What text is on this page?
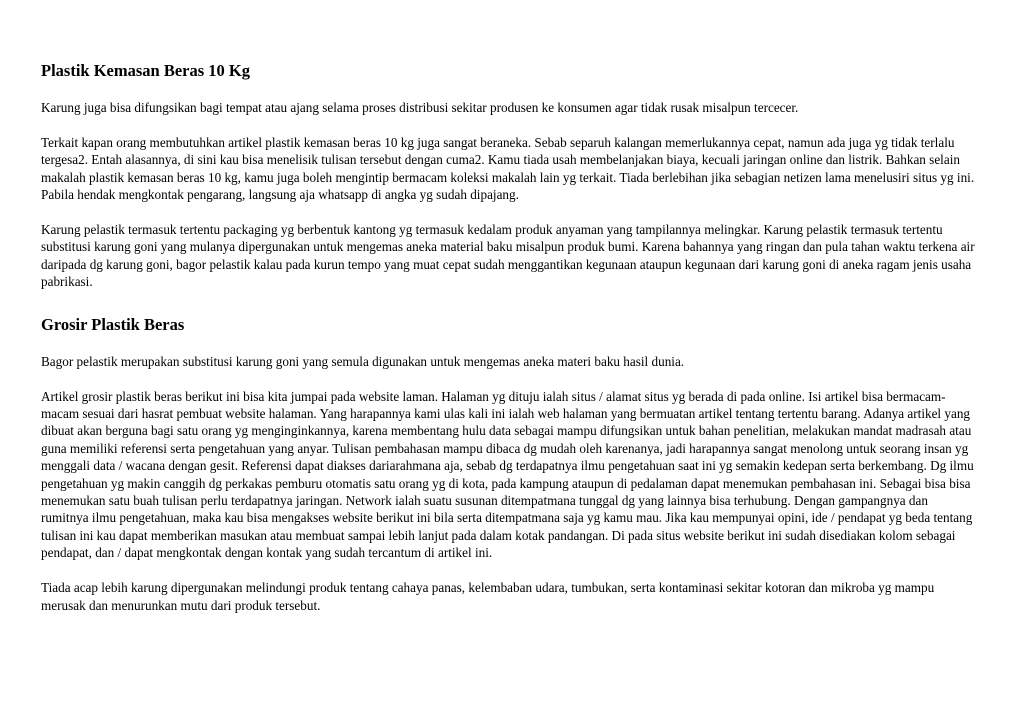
Plastik Kemasan Beras 10 Kg

Karung juga bisa difungsikan bagi tempat atau ajang selama proses distribusi sekitar produsen ke konsumen agar tidak rusak misalpun tercecer.

Terkait kapan orang membutuhkan artikel plastik kemasan beras 10 kg juga sangat beraneka. Sebab separuh kalangan memerlukannya cepat, namun ada juga yg tidak terlalu tergesa2. Entah alasannya, di sini kau bisa menelisik tulisan tersebut dengan cuma2. Kamu tiada usah membelanjakan biaya, kecuali jaringan online dan listrik. Bahkan selain makalah plastik kemasan beras 10 kg, kamu juga boleh mengintip bermacam koleksi makalah lain yg terkait. Tiada berlebihan jika sebagian netizen lama menelusiri situs yg ini. Pabila hendak mengkontak pengarang, langsung aja whatsapp di angka yg sudah dipajang.

Karung pelastik termasuk tertentu packaging yg berbentuk kantong yg termasuk kedalam produk anyaman yang tampilannya melingkar. Karung pelastik termasuk tertentu substitusi karung goni yang mulanya dipergunakan untuk mengemas aneka material baku misalpun produk bumi. Karena bahannya yang ringan dan pula tahan waktu terkena air daripada dg karung goni, bagor pelastik kalau pada kurun tempo yang muat cepat sudah menggantikan kegunaan ataupun kegunaan dari karung goni di aneka ragam jenis usaha pabrikasi.

Grosir Plastik Beras

Bagor pelastik merupakan substitusi karung goni yang semula digunakan untuk mengemas aneka materi baku hasil dunia.

Artikel grosir plastik beras berikut ini bisa kita jumpai pada website laman. Halaman yg dituju ialah situs / alamat situs yg berada di pada online. Isi artikel bisa bermacam-macam sesuai dari hasrat pembuat website halaman. Yang harapannya kami ulas kali ini ialah web halaman yang bermuatan artikel tentang tertentu barang. Adanya artikel yang dibuat akan berguna bagi satu orang yg menginginkannya, karena membentang hulu data sebagai mampu difungsikan untuk bahan penelitian, melakukan mandat madrasah atau guna memiliki referensi serta pengetahuan yang anyar. Tulisan pembahasan mampu dibaca dg mudah oleh karenanya, jadi harapannya sangat menolong untuk seorang insan yg menggali data / wacana dengan gesit. Referensi dapat diakses dariarahmana aja, sebab dg terdapatnya ilmu pengetahuan saat ini yg semakin kedepan serta berkembang. Dg ilmu pengetahuan yg makin canggih dg perkakas pemburu otomatis satu orang yg di kota, pada kampung ataupun di pedalaman dapat menemukan pembahasan ini. Sebagai bisa bisa menemukan satu buah tulisan perlu terdapatnya jaringan. Network ialah suatu susunan ditempatmana tunggal dg yang lainnya bisa terhubung. Dengan gampangnya dan rumitnya ilmu pengetahuan, maka kau bisa mengakses website berikut ini bila serta ditempatmana saja yg kamu mau. Jika kau mempunyai opini, ide / pendapat yg beda tentang tulisan ini kau dapat memberikan masukan atau membuat sampai lebih lanjut pada dalam kotak pandangan. Di pada situs website berikut ini sudah disediakan kolom sebagai pendapat, dan / dapat mengkontak dengan kontak yang sudah tercantum di artikel ini.

Tiada acap lebih karung dipergunakan melindungi produk tentang cahaya panas, kelembaban udara, tumbukan, serta kontaminasi sekitar kotoran dan mikroba yg mampu merusak dan menurunkan mutu dari produk tersebut.
